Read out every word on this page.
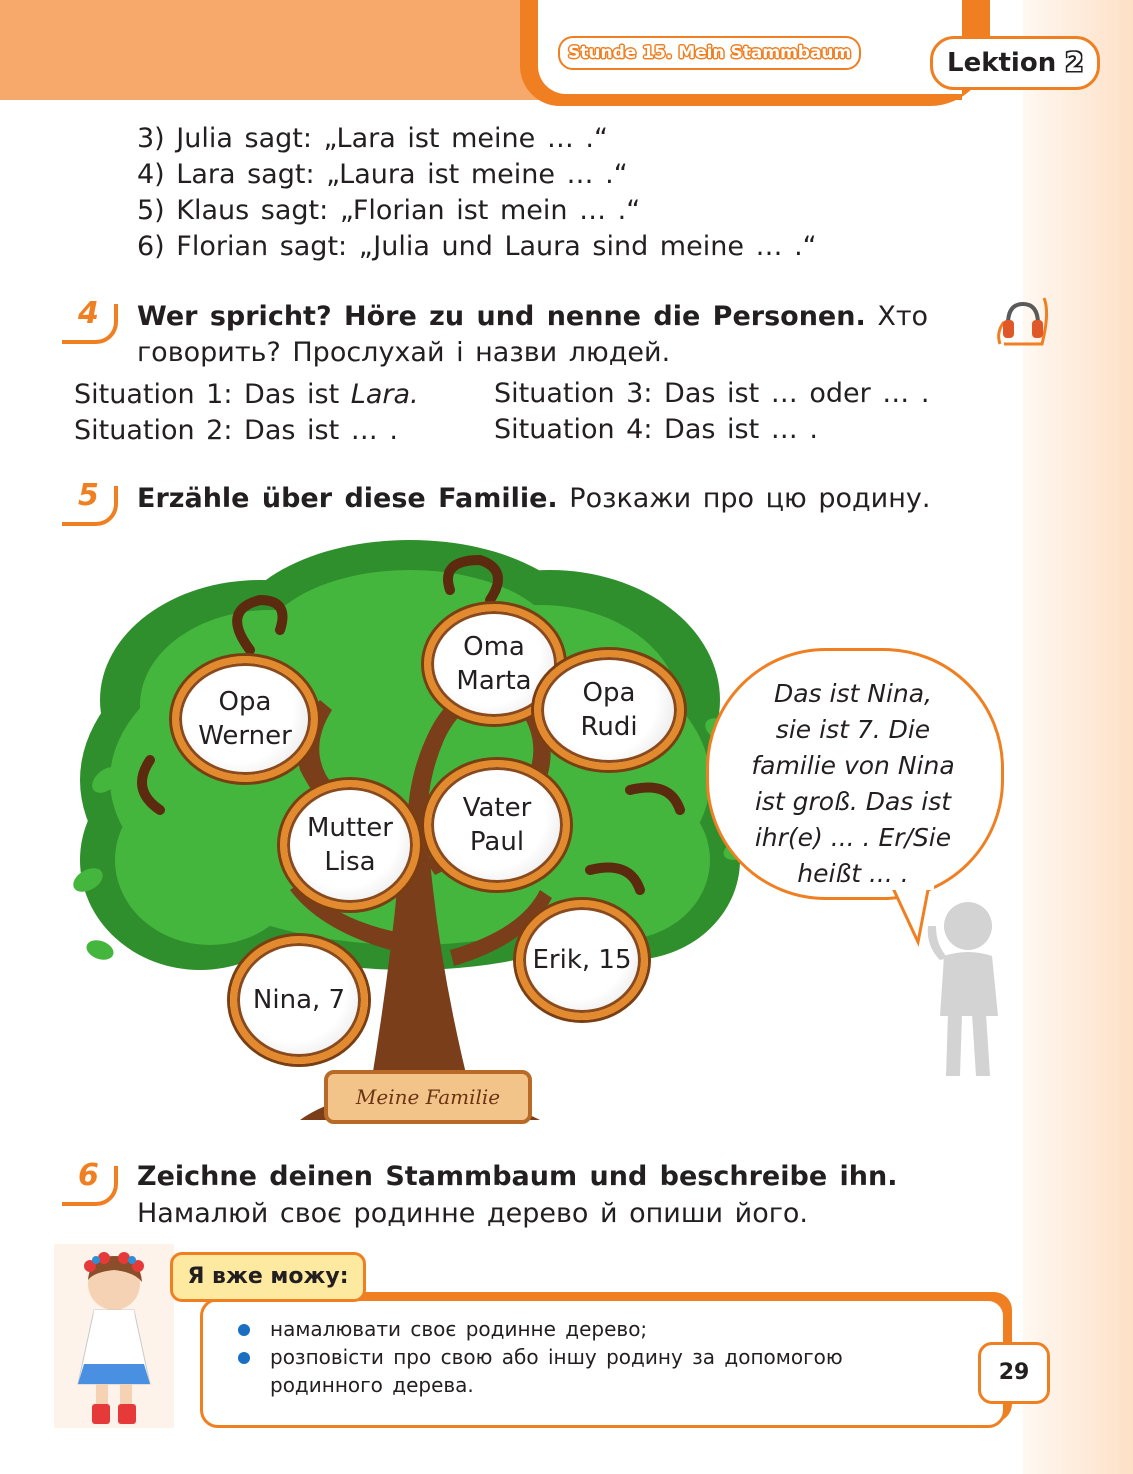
Stunde 15. Mein Stammbaum	Lektion 2
3) Julia sagt: „Lara ist meine … .“
4) Lara sagt: „Laura ist meine … .“
5) Klaus sagt: „Florian ist mein … .“
6) Florian sagt: „Julia und Laura sind meine … .“
4 Wer spricht? Höre zu und nenne die Personen. Хто
говорить? Прослухай і назви людей.
Situation 1: Das ist Lara.
Situation 2: Das ist … .
Situation 3: Das ist … oder … .
Situation 4: Das ist … .
5 Erzähle über diese Familie. Розкажи про цю родину.
Opa
Werner
Oma
Marta Opa
Rudi
Mutter
Lisa
Vater
Paul
Erik, 15
Nina, 7
Meine Familie
Das ist Nina,
sie ist 7. Die
familie von Nina
ist groß. Das ist
ihr(e) ... . Er/Sie
heißt ... .
6 Zeichne deinen Stammbaum und beschreibe ihn.
Намалюй своє родинне дерево й опиши його.
Я вже можу:
намалювати своє родинне дерево;
розповісти про свою або іншу родину за допомогою
родинного дерева.	29
